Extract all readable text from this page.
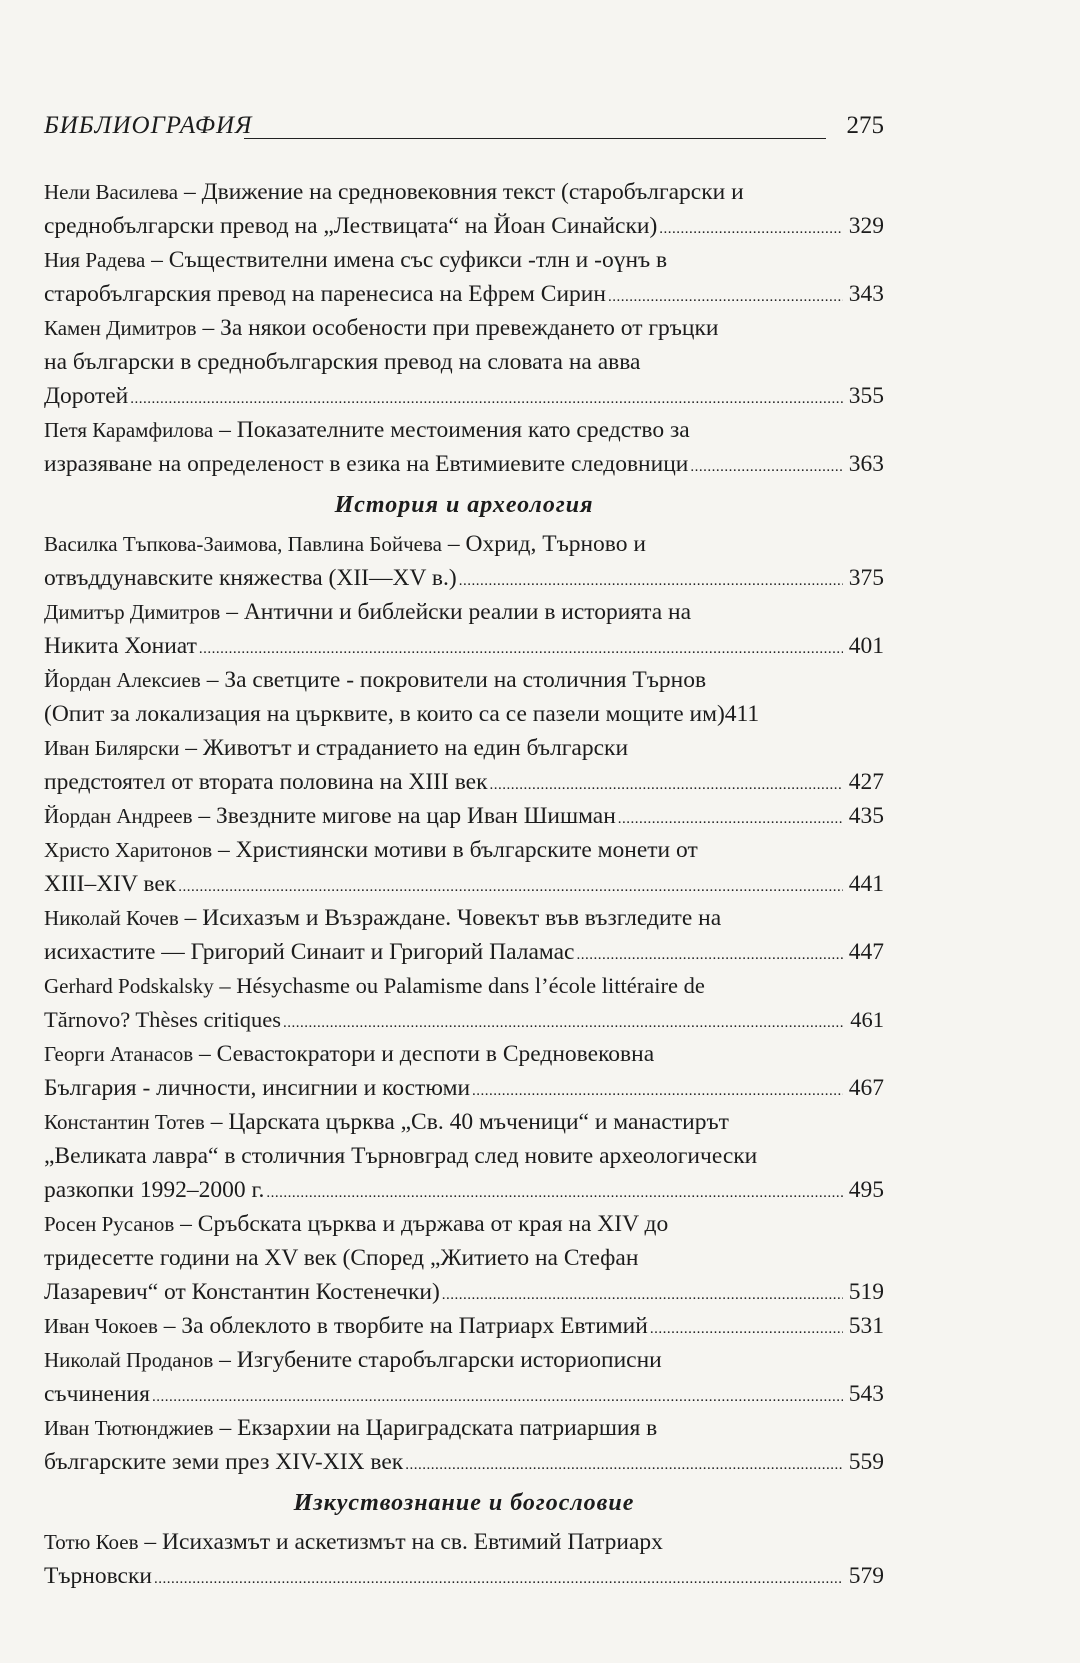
БИБЛИОГРАФИЯ	275
Нели Василева – Движение на средновековния текст (старобългарски и
среднобългарски превод на „Лествицата“ на Йоан Синайски) .....	329
Ния Радева – Съществителни имена със суфикси -тлн и -оүнъ в
старобългарския превод на паренесиса на Ефрем Сирин .....	343
Камен Димитров – За някои особености при превеждането от гръцки
на български в среднобългарския превод на словата на авва
Доротей .....	355
Петя Карамфилова – Показателните местоимения като средство за
изразяване на определеност в езика на Евтимиевите следовници .....	363
История и археология
Василка Тъпкова-Заимова, Павлина Бойчева – Охрид, Търново и
отвъддунавските княжества (XII—XV в.) .....	375
Димитър Димитров – Антични и библейски реалии в историята на
Никита Хониат .....	401
Йордан Алексиев – За светците - покровители на столичния Търнов
(Опит за локализация на църквите, в които са се пазели мощите им)411
Иван Билярски – Животът и страданието на един български
предстоятел от втората половина на XIII век .....	427
Йордан Андреев – Звездните мигове на цар Иван Шишман .....	435
Христо Харитонов – Християнски мотиви в българските монети от
XIII–XIV век .....	441
Николай Кочев – Исихазъм и Възраждане. Човекът във възгледите на
исихастите — Григорий Синаит и Григорий Паламас .....	447
Gerhard Podskalsky – Hésychasme ou Palamisme dans l’école littéraire de
Tărnovo? Thèses critiques .....	461
Георги Атанасов – Севастократори и деспоти в Средновековна
България - личности, инсигнии и костюми .....	467
Константин Тотев – Царската църква „Св. 40 мъченици“ и манастирът
„Великата лавра“ в столичния Търновград след новите археологически
разкопки 1992–2000 г. .....	495
Росен Русанов – Сръбската църква и държава от края на XIV до
тридесетте години на XV век (Според „Житието на Стефан
Лазаревич“ от Константин Костенечки) .....	519
Иван Чокоев – За облеклото в творбите на Патриарх Евтимий .....	531
Николай Проданов – Изгубените старобългарски историописни
съчинения .....	543
Иван Тютюнджиев – Екзархии на Цариградската патриаршия в
българските земи през XIV-XIX век .....	559
Изкуствознание и богословие
Тотю Коев – Исихазмът и аскетизмът на св. Евтимий Патриарх
Търновски .....	579
